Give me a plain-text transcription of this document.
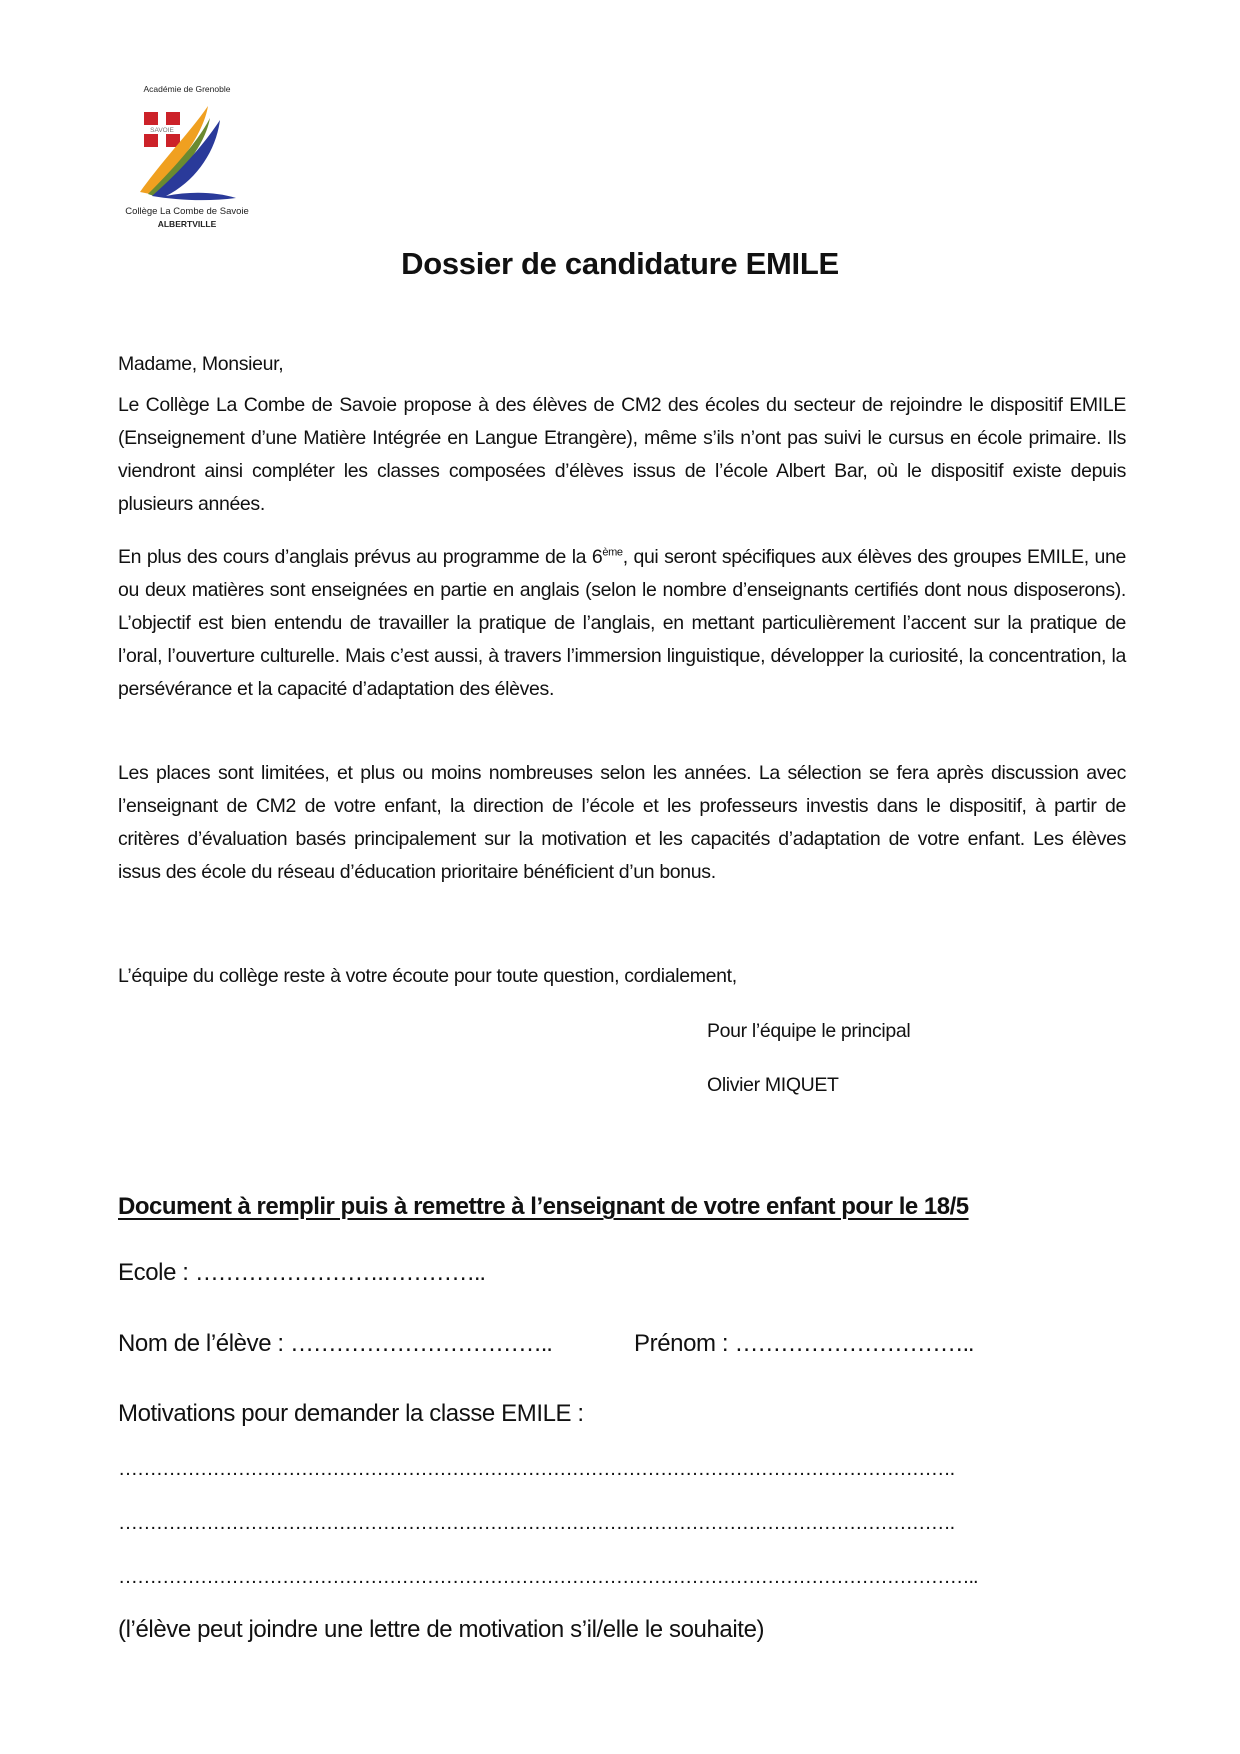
Académie de Grenoble
SAVOIE
Collège La Combe de Savoie
ALBERTVILLE
Dossier de candidature EMILE
Madame, Monsieur,

Le Collège La Combe de Savoie propose à des élèves de CM2 des écoles du secteur de rejoindre le dispositif EMILE (Enseignement d’une Matière Intégrée en Langue Etrangère), même s’ils n’ont pas suivi le cursus en école primaire. Ils viendront ainsi compléter les classes composées d’élèves issus de l’école Albert Bar, où le dispositif existe depuis plusieurs années.

En plus des cours d’anglais prévus au programme de la 6ème, qui seront spécifiques aux élèves des groupes EMILE, une ou deux matières sont enseignées en partie en anglais (selon le nombre d’enseignants certifiés dont nous disposerons). L’objectif est bien entendu de travailler la pratique de l’anglais, en mettant particulièrement l’accent sur la pratique de l’oral, l’ouverture culturelle. Mais c’est aussi, à travers l’immersion linguistique, développer la curiosité, la concentration, la persévérance et la capacité d’adaptation des élèves.

Les places sont limitées, et plus ou moins nombreuses selon les années. La sélection se fera après discussion avec l’enseignant de CM2 de votre enfant, la direction de l’école et les professeurs investis dans le dispositif, à partir de critères d’évaluation basés principalement sur la motivation et les capacités d’adaptation de votre enfant. Les élèves issus des école du réseau d’éducation prioritaire bénéficient d’un bonus.

L’équipe du collège reste à votre écoute pour toute question, cordialement,
Pour l’équipe le principal
Olivier MIQUET
Document à remplir puis à remettre à l’enseignant de votre enfant pour le 18/5
Ecole : …………………….…………..
Nom de l’élève : ……………………………..	Prénom : …………………………..
Motivations pour demander la classe EMILE :
…………………………………………………………………………………………………………………….
…………………………………………………………………………………………………………………….
………………………………………………………………………………………………………………………..
(l’élève peut joindre une lettre de motivation s’il/elle le souhaite)
